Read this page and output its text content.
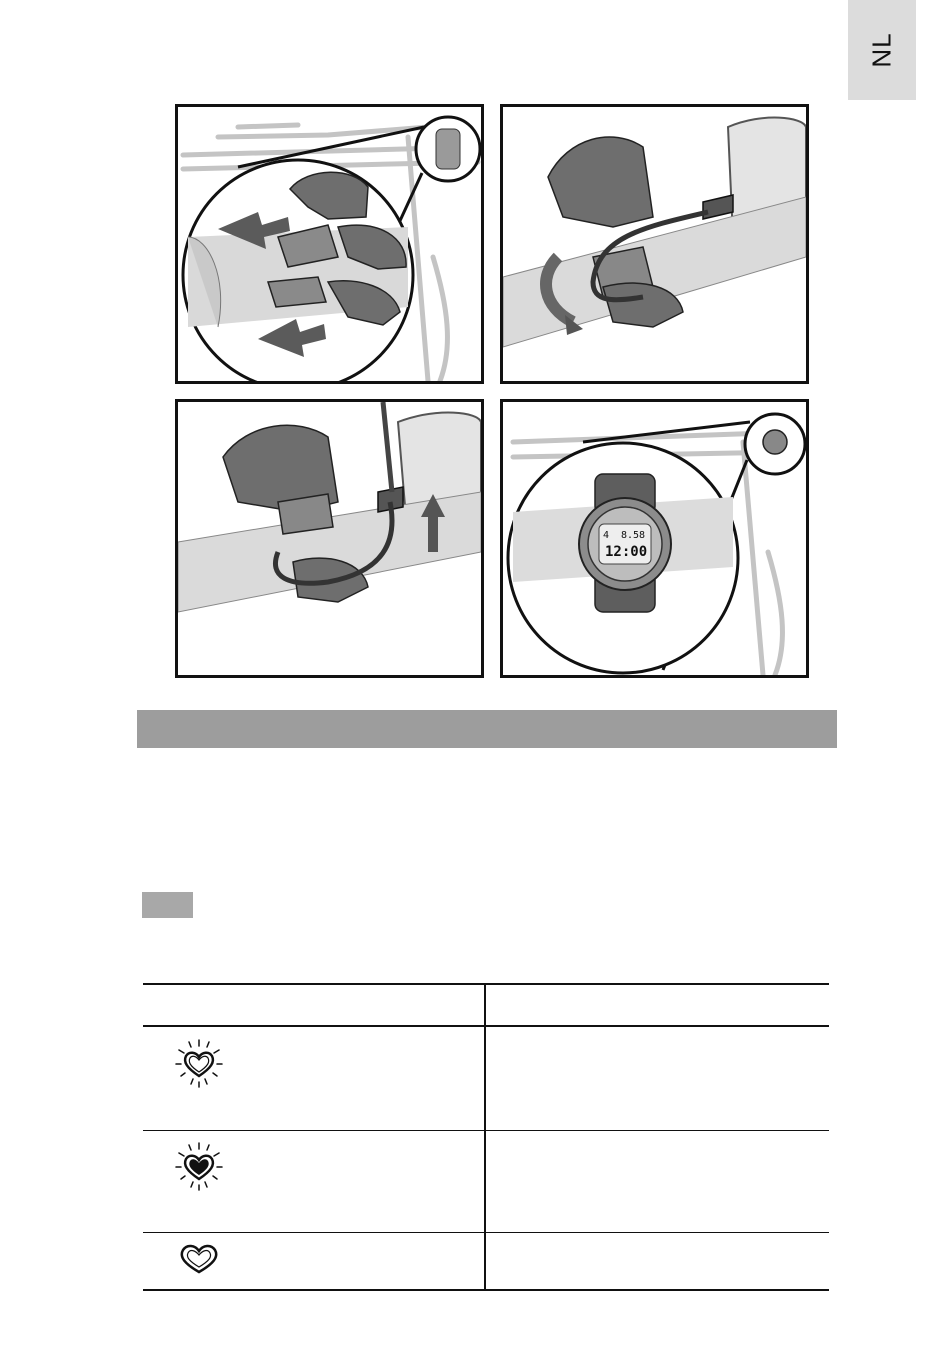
NL
4 8.58
12:00
